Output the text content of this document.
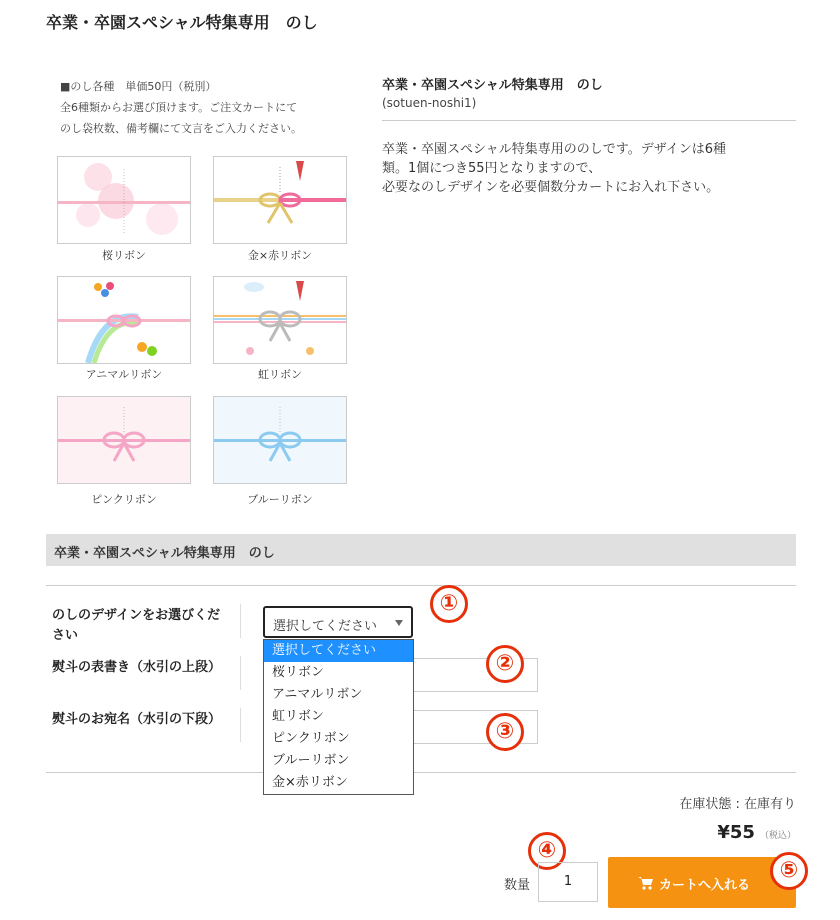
卒業・卒園スペシャル特集専用　のし
■のし各種　単価50円（税別）
全6種類からお選び頂けます。ご注文カートにて
のし袋枚数、備考欄にて文言をご入力ください。
桜リボン	金×赤リボン
アニマルリボン	虹リボン
ピンクリボン	ブルーリボン
卒業・卒園スペシャル特集専用　のし
(sotuen-noshi1)
卒業・卒園スペシャル特集専用ののしです。デザインは6種
類。1個につき55円となりますので、
必要なのしデザインを必要個数分カートにお入れ下さい。
卒業・卒園スペシャル特集専用　のし
のしのデザインをお選びください
選択してください
熨斗の表書き（水引の上段）
熨斗のお宛名（水引の下段）
選択してください
桜リボン
アニマルリボン
虹リボン
ピンクリボン
ブルーリボン
金×赤リボン
①
②
③
④
在庫状態 : 在庫有り
¥55 （税込）
数量	1	カートへ入れる
⑤
